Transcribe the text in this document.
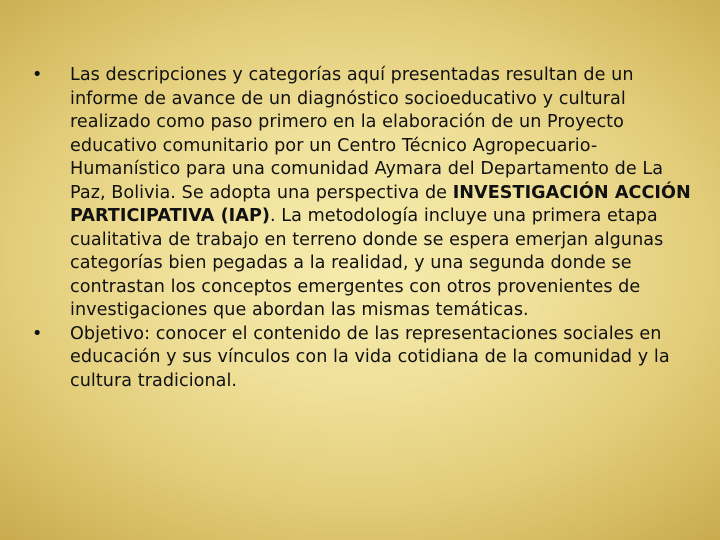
•	Las descripciones y categorías aquí presentadas resultan de un informe de avance de un diagnóstico socioeducativo y cultural realizado como paso primero en la elaboración de un Proyecto educativo comunitario por un Centro Técnico Agropecuario-Humanístico para una comunidad Aymara del Departamento de La Paz, Bolivia. Se adopta una perspectiva de INVESTIGACIÓN ACCIÓN PARTICIPATIVA (IAP). La metodología incluye una primera etapa cualitativa de trabajo en terreno donde se espera emerjan algunas categorías bien pegadas a la realidad, y una segunda donde se contrastan los conceptos emergentes con otros provenientes de investigaciones que abordan las mismas temáticas.
•	Objetivo: conocer el contenido de las representaciones sociales en educación y sus vínculos con la vida cotidiana de la comunidad y la cultura tradicional.
